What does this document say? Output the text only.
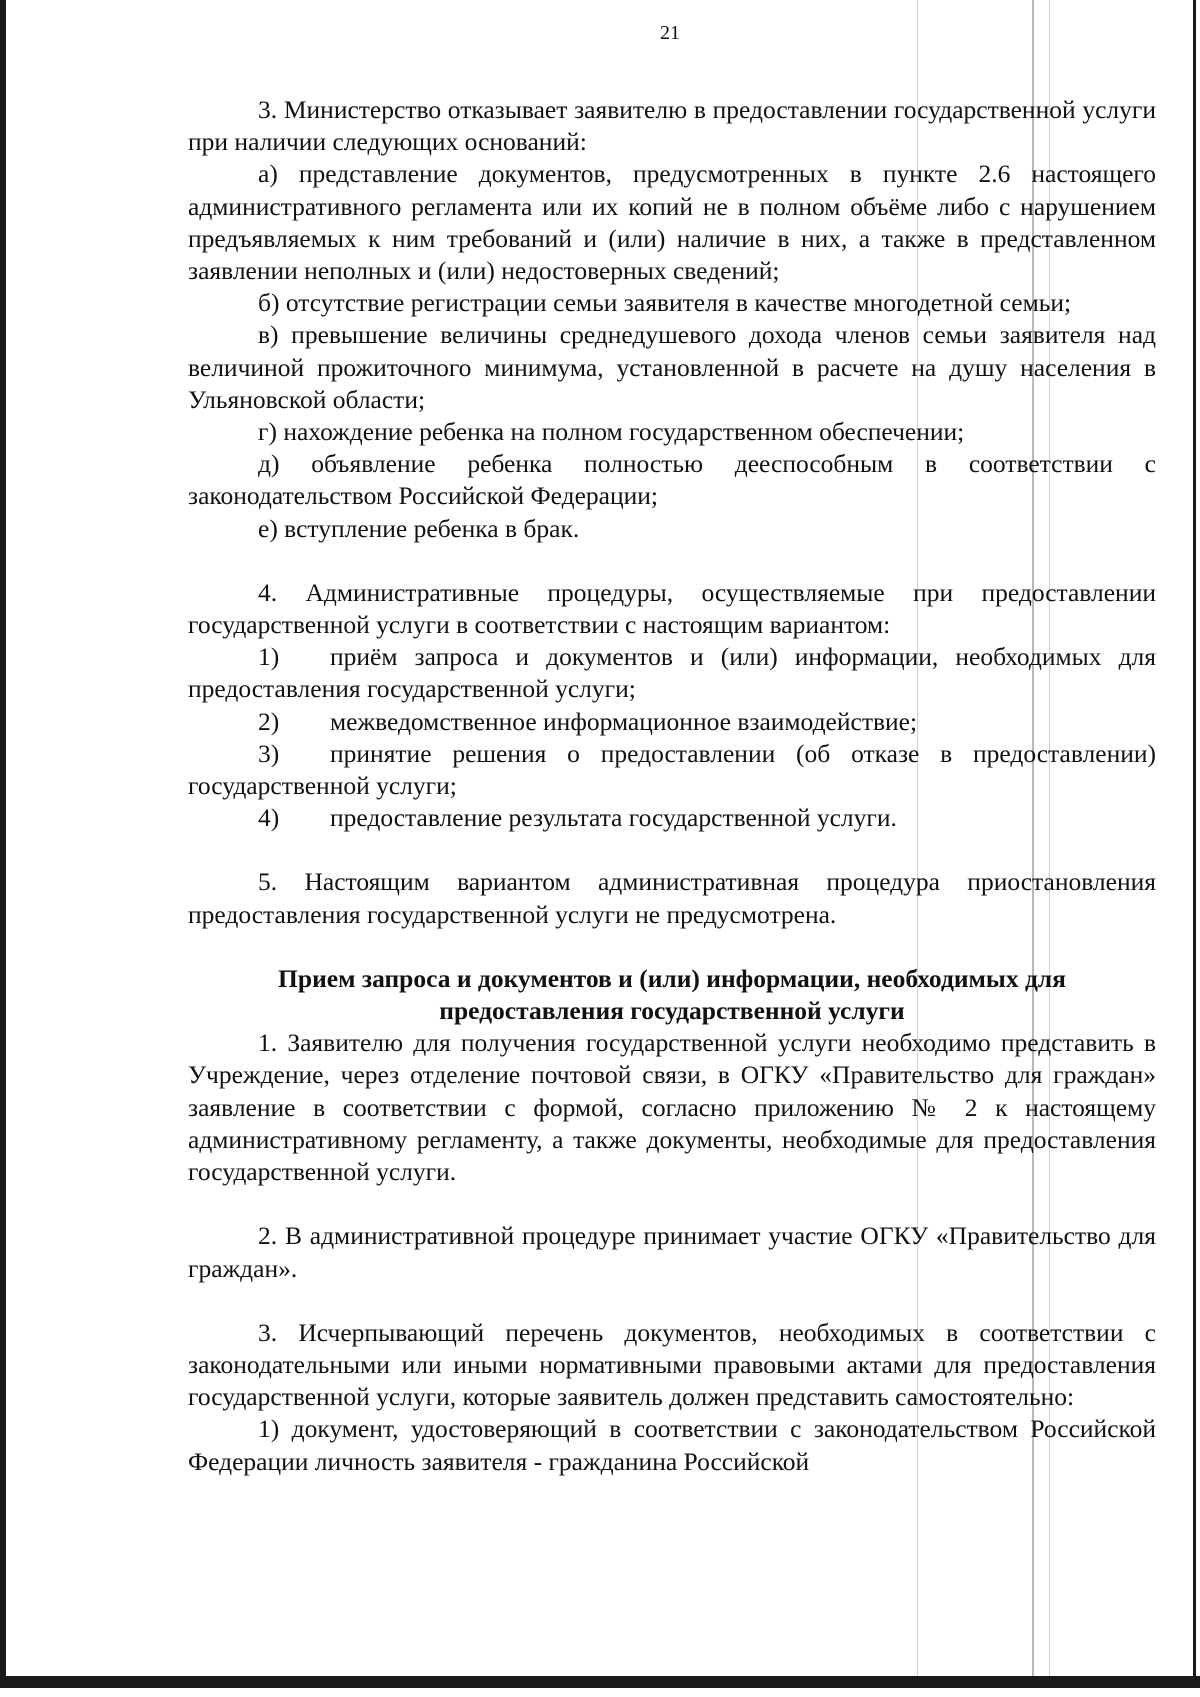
21

3. Министерство отказывает заявителю в предоставлении государственной услуги при наличии следующих оснований:

а) представление документов, предусмотренных в пункте 2.6 настоящего административного регламента или их копий не в полном объёме либо с нарушением предъявляемых к ним требований и (или) наличие в них, а также в представленном заявлении неполных и (или) недостоверных сведений;

б) отсутствие регистрации семьи заявителя в качестве многодетной семьи;

в) превышение величины среднедушевого дохода членов семьи заявителя над величиной прожиточного минимума, установленной в расчете на душу населения в Ульяновской области;

г) нахождение ребенка на полном государственном обеспечении;

д) объявление ребенка полностью дееспособным в соответствии с законодательством Российской Федерации;

е) вступление ребенка в брак.

4. Административные процедуры, осуществляемые при предоставлении государственной услуги в соответствии с настоящим вариантом:

1) приём запроса и документов и (или) информации, необходимых для предоставления государственной услуги;

2) межведомственное информационное взаимодействие;

3) принятие решения о предоставлении (об отказе в предоставлении) государственной услуги;

4) предоставление результата государственной услуги.

5. Настоящим вариантом административная процедура приостановления предоставления государственной услуги не предусмотрена.

Прием запроса и документов и (или) информации, необходимых для
предоставления государственной услуги

1. Заявителю для получения государственной услуги необходимо представить в Учреждение, через отделение почтовой связи, в ОГКУ «Правительство для граждан» заявление в соответствии с формой, согласно приложению № 2 к настоящему административному регламенту, а также документы, необходимые для предоставления государственной услуги.

2. В административной процедуре принимает участие ОГКУ «Правительство для граждан».

3. Исчерпывающий перечень документов, необходимых в соответствии с законодательными или иными нормативными правовыми актами для предоставления государственной услуги, которые заявитель должен представить самостоятельно:

1) документ, удостоверяющий в соответствии с законодательством Российской Федерации личность заявителя - гражданина Российской
